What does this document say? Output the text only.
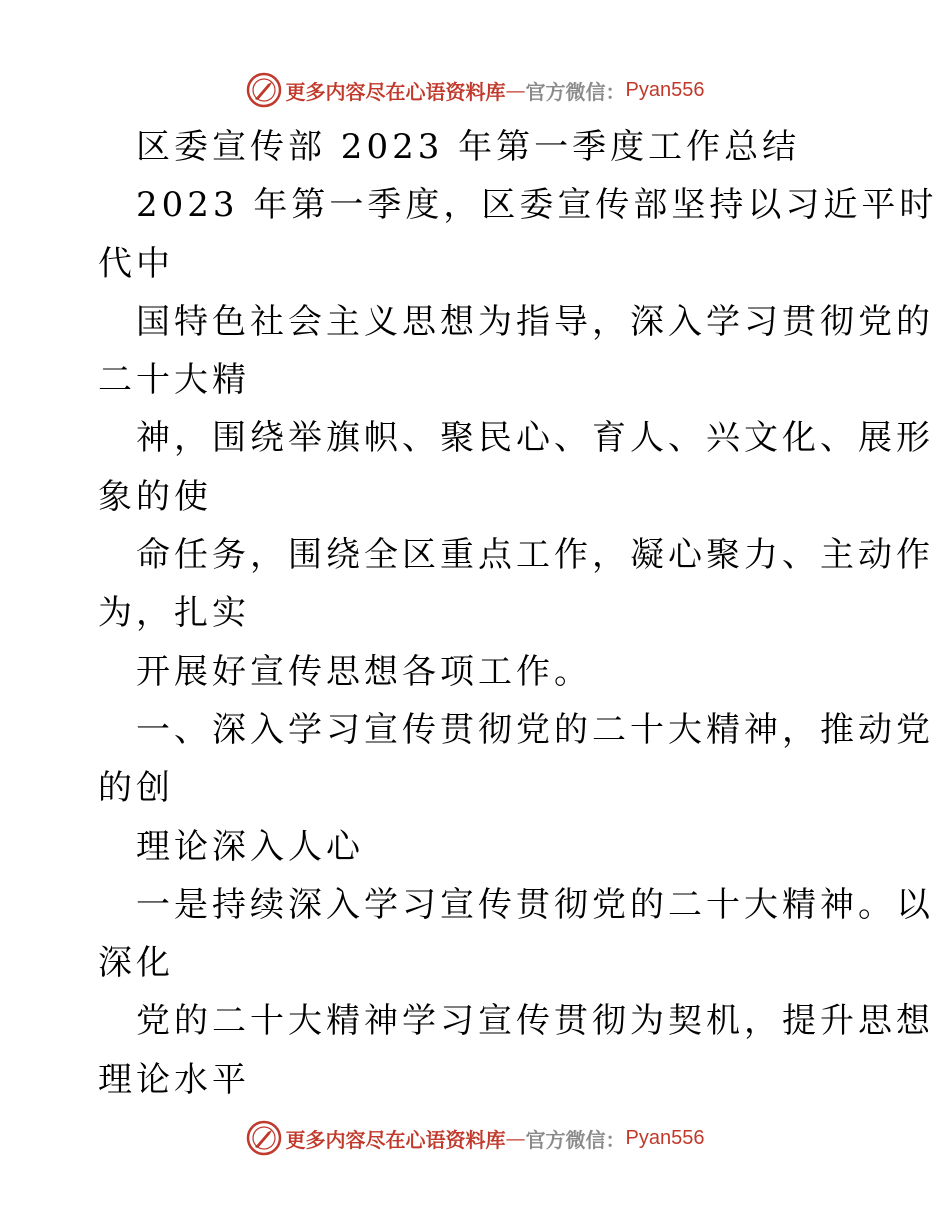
更多内容尽在心语资料库 — 官方微信： Pyan556
区委宣传部 2023 年第一季度工作总结
2023 年第一季度，区委宣传部坚持以习近平时
代中
国特色社会主义思想为指导，深入学习贯彻党的
二十大精
神，围绕举旗帜、聚民心、育人、兴文化、展形
象的使
命任务，围绕全区重点工作，凝心聚力、主动作
为，扎实
开展好宣传思想各项工作。
一、深入学习宣传贯彻党的二十大精神，推动党
的创
理论深入人心
一是持续深入学习宣传贯彻党的二十大精神。以
深化
党的二十大精神学习宣传贯彻为契机，提升思想
理论水平
更多内容尽在心语资料库 — 官方微信： Pyan556
